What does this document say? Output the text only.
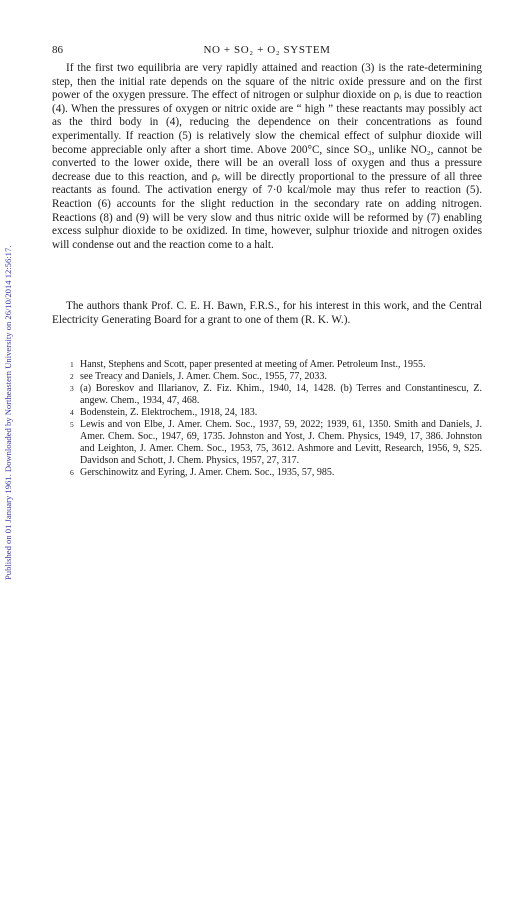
Published on 01 January 1961. Downloaded by Northeastern University on 26/10/2014 12:56:17.
86	NO + SO₂ + O₂ SYSTEM

If the first two equilibria are very rapidly attained and reaction (3) is the rate-determining step, then the initial rate depends on the square of the nitric oxide pressure and on the first power of the oxygen pressure. The effect of nitrogen or sulphur dioxide on ρᵢ is due to reaction (4). When the pressures of oxygen or nitric oxide are “ high ” these reactants may possibly act as the third body in (4), reducing the dependence on their concentrations as found experimentally. If reaction (5) is relatively slow the chemical effect of sulphur dioxide will become appreciable only after a short time. Above 200°C, since SO₃, unlike NO₂, cannot be converted to the lower oxide, there will be an overall loss of oxygen and thus a pressure decrease due to this reaction, and ρₑ will be directly proportional to the pressure of all three reactants as found. The activation energy of 7·0 kcal/mole may thus refer to reaction (5). Reaction (6) accounts for the slight reduction in the secondary rate on adding nitrogen. Reactions (8) and (9) will be very slow and thus nitric oxide will be reformed by (7) enabling excess sulphur dioxide to be oxidized. In time, however, sulphur trioxide and nitrogen oxides will condense out and the reaction come to a halt.

The authors thank Prof. C. E. H. Bawn, F.R.S., for his interest in this work, and the Central Electricity Generating Board for a grant to one of them (R. K. W.).

1 Hanst, Stephens and Scott, paper presented at meeting of Amer. Petroleum Inst., 1955.
2 see Treacy and Daniels, J. Amer. Chem. Soc., 1955, 77, 2033.
3 (a) Boreskov and Illarianov, Z. Fiz. Khim., 1940, 14, 1428. (b) Terres and Constantinescu, Z. angew. Chem., 1934, 47, 468.
4 Bodenstein, Z. Elektrochem., 1918, 24, 183.
5 Lewis and von Elbe, J. Amer. Chem. Soc., 1937, 59, 2022; 1939, 61, 1350. Smith and Daniels, J. Amer. Chem. Soc., 1947, 69, 1735. Johnston and Yost, J. Chem. Physics, 1949, 17, 386. Johnston and Leighton, J. Amer. Chem. Soc., 1953, 75, 3612. Ashmore and Levitt, Research, 1956, 9, S25. Davidson and Schott, J. Chem. Physics, 1957, 27, 317.
6 Gerschinowitz and Eyring, J. Amer. Chem. Soc., 1935, 57, 985.
